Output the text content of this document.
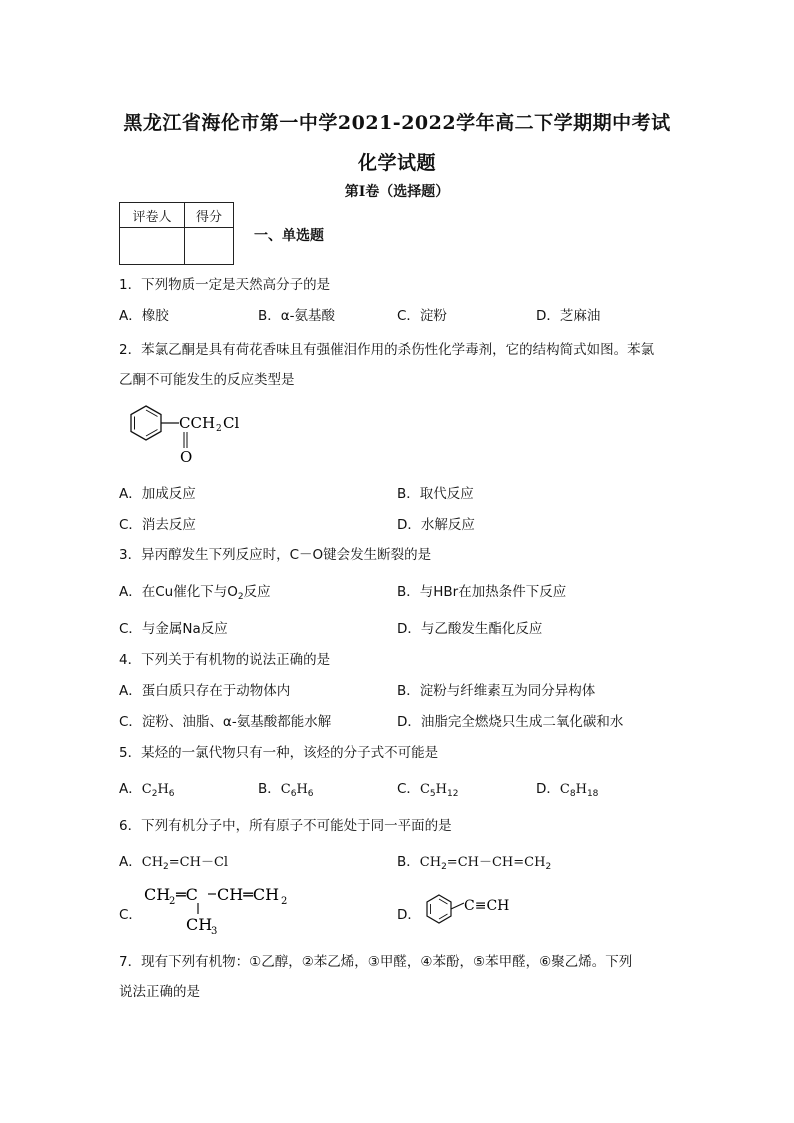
黑龙江省海伦市第一中学2021-2022学年高二下学期期中考试
化学试题
第I卷（选择题）
评卷人	得分

一、单选题
1．下列物质一定是天然高分子的是
A．橡胶	B．α-氨基酸	C．淀粉	D．芝麻油
2．苯氯乙酮是具有荷花香味且有强催泪作用的杀伤性化学毒剂，它的结构简式如图。苯氯
乙酮不可能发生的反应类型是
CCH 2 Cl
O
A．加成反应	B．取代反应
C．消去反应	D．水解反应
3．异丙醇发生下列反应时，C－O键会发生断裂的是
A．在Cu催化下与$O_2$反应	B．与HBr在加热条件下反应
C．与金属Na反应	D．与乙酸发生酯化反应
4．下列关于有机物的说法正确的是
A．蛋白质只存在于动物体内	B．淀粉与纤维素互为同分异构体
C．淀粉、油脂、α-氨基酸都能水解	D．油脂完全燃烧只生成二氧化碳和水
5．某烃的一氯代物只有一种，该烃的分子式不可能是
A．$C_2H_6$	B．$C_6H_6$	C．$C_5H_{12}$	D．$C_8H_{18}$
6．下列有机分子中，所有原子不可能处于同一平面的是
A．$CH_2=CH-Cl$	B．$CH_2=CH-CH=CH_2$
C．
CH
2 ═C CH═CH 2
CH
3
D．
C≡CH
7．现有下列有机物：①乙醇，②苯乙烯，③甲醛，④苯酚，⑤苯甲醛，⑥聚乙烯。下列
说法正确的是
